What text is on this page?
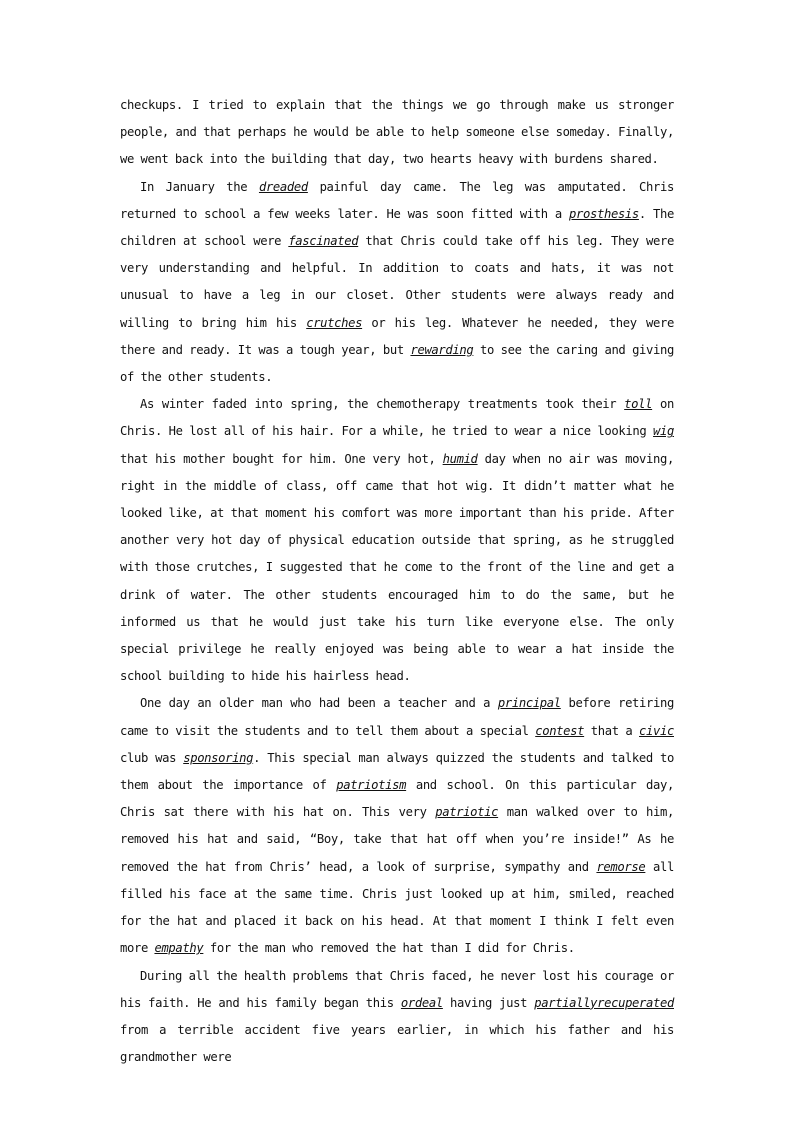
checkups. I tried to explain that the things we go through make us stronger people, and that perhaps he would be able to help someone else someday. Finally, we went back into the building that day, two hearts heavy with burdens shared.

In January the dreaded painful day came. The leg was amputated. Chris returned to school a few weeks later. He was soon fitted with a prosthesis. The children at school were fascinated that Chris could take off his leg. They were very understanding and helpful. In addition to coats and hats, it was not unusual to have a leg in our closet. Other students were always ready and willing to bring him his crutches or his leg. Whatever he needed, they were there and ready. It was a tough year, but rewarding to see the caring and giving of the other students.

As winter faded into spring, the chemotherapy treatments took their toll on Chris. He lost all of his hair. For a while, he tried to wear a nice looking wig that his mother bought for him. One very hot, humid day when no air was moving, right in the middle of class, off came that hot wig. It didn’t matter what he looked like, at that moment his comfort was more important than his pride. After another very hot day of physical education outside that spring, as he struggled with those crutches, I suggested that he come to the front of the line and get a drink of water. The other students encouraged him to do the same, but he informed us that he would just take his turn like everyone else. The only special privilege he really enjoyed was being able to wear a hat inside the school building to hide his hairless head.

One day an older man who had been a teacher and a principal before retiring came to visit the students and to tell them about a special contest that a civic club was sponsoring. This special man always quizzed the students and talked to them about the importance of patriotism and school. On this particular day, Chris sat there with his hat on. This very patriotic man walked over to him, removed his hat and said, “Boy, take that hat off when you’re inside!” As he removed the hat from Chris’ head, a look of surprise, sympathy and remorse all filled his face at the same time. Chris just looked up at him, smiled, reached for the hat and placed it back on his head. At that moment I think I felt even more empathy for the man who removed the hat than I did for Chris.

During all the health problems that Chris faced, he never lost his courage or his faith. He and his family began this ordeal having just partiallyrecuperated from a terrible accident five years earlier, in which his father and his grandmother were
